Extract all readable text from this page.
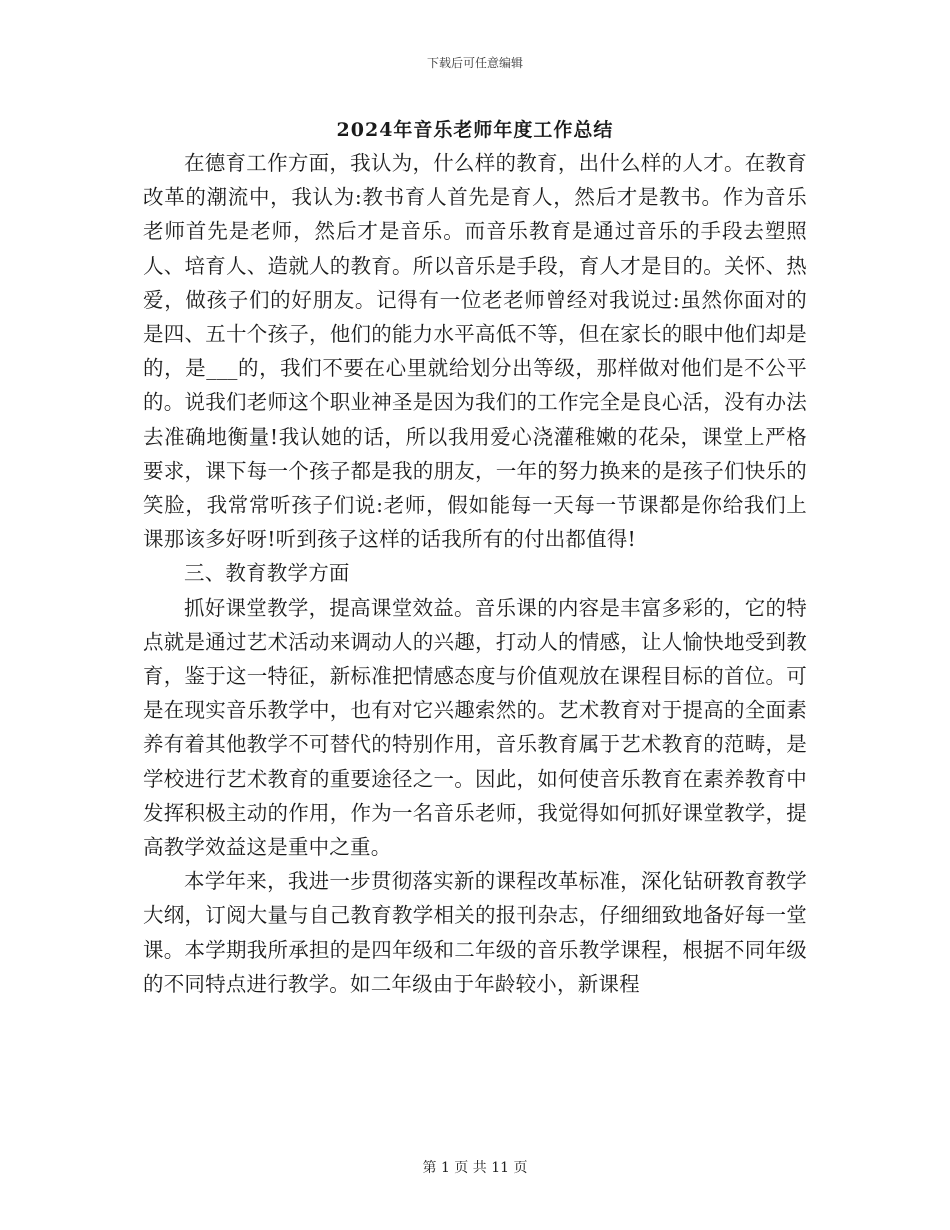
下载后可任意编辑
2024年音乐老师年度工作总结

在德育工作方面，我认为，什么样的教育，出什么样的人才。在教育改革的潮流中，我认为:教书育人首先是育人，然后才是教书。作为音乐老师首先是老师，然后才是音乐。而音乐教育是通过音乐的手段去塑照人、培育人、造就人的教育。所以音乐是手段，育人才是目的。关怀、热爱，做孩子们的好朋友。记得有一位老老师曾经对我说过:虽然你面对的是四、五十个孩子，他们的能力水平高低不等，但在家长的眼中他们却是的，是___的，我们不要在心里就给划分出等级，那样做对他们是不公平的。说我们老师这个职业神圣是因为我们的工作完全是良心活，没有办法去准确地衡量!我认她的话，所以我用爱心浇灌稚嫩的花朵，课堂上严格要求，课下每一个孩子都是我的朋友，一年的努力换来的是孩子们快乐的笑脸，我常常听孩子们说:老师，假如能每一天每一节课都是你给我们上课那该多好呀!听到孩子这样的话我所有的付出都值得!

三、教育教学方面

抓好课堂教学，提高课堂效益。音乐课的内容是丰富多彩的，它的特点就是通过艺术活动来调动人的兴趣，打动人的情感，让人愉快地受到教育，鉴于这一特征，新标准把情感态度与价值观放在课程目标的首位。可是在现实音乐教学中，也有对它兴趣索然的。艺术教育对于提高的全面素养有着其他教学不可替代的特别作用，音乐教育属于艺术教育的范畴，是学校进行艺术教育的重要途径之一。因此，如何使音乐教育在素养教育中发挥积极主动的作用，作为一名音乐老师，我觉得如何抓好课堂教学，提高教学效益这是重中之重。

本学年来，我进一步贯彻落实新的课程改革标准，深化钻研教育教学大纲，订阅大量与自己教育教学相关的报刊杂志，仔细细致地备好每一堂课。本学期我所承担的是四年级和二年级的音乐教学课程，根据不同年级的不同特点进行教学。如二年级由于年龄较小，新课程

第 1 页 共 11 页
